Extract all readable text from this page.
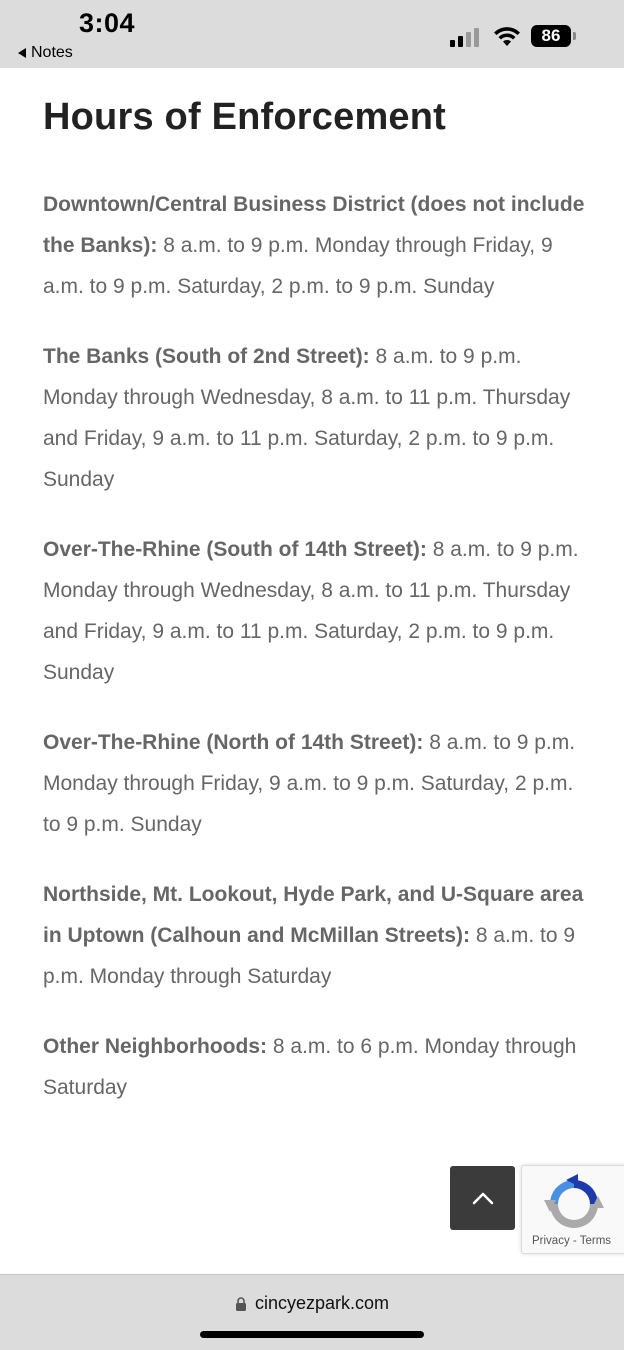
3:04
Notes
86
Hours of Enforcement

Downtown/Central Business District (does not include the Banks): 8 a.m. to 9 p.m. Monday through Friday, 9 a.m. to 9 p.m. Saturday, 2 p.m. to 9 p.m. Sunday

The Banks (South of 2nd Street): 8 a.m. to 9 p.m. Monday through Wednesday, 8 a.m. to 11 p.m. Thursday and Friday, 9 a.m. to 11 p.m. Saturday, 2 p.m. to 9 p.m. Sunday

Over-The-Rhine (South of 14th Street): 8 a.m. to 9 p.m. Monday through Wednesday, 8 a.m. to 11 p.m. Thursday and Friday, 9 a.m. to 11 p.m. Saturday, 2 p.m. to 9 p.m. Sunday

Over-The-Rhine (North of 14th Street): 8 a.m. to 9 p.m. Monday through Friday, 9 a.m. to 9 p.m. Saturday, 2 p.m. to 9 p.m. Sunday

Northside, Mt. Lookout, Hyde Park, and U-Square area in Uptown (Calhoun and McMillan Streets): 8 a.m. to 9 p.m. Monday through Saturday

Other Neighborhoods: 8 a.m. to 6 p.m. Monday through Saturday

Privacy - Terms
cincyezpark.com
